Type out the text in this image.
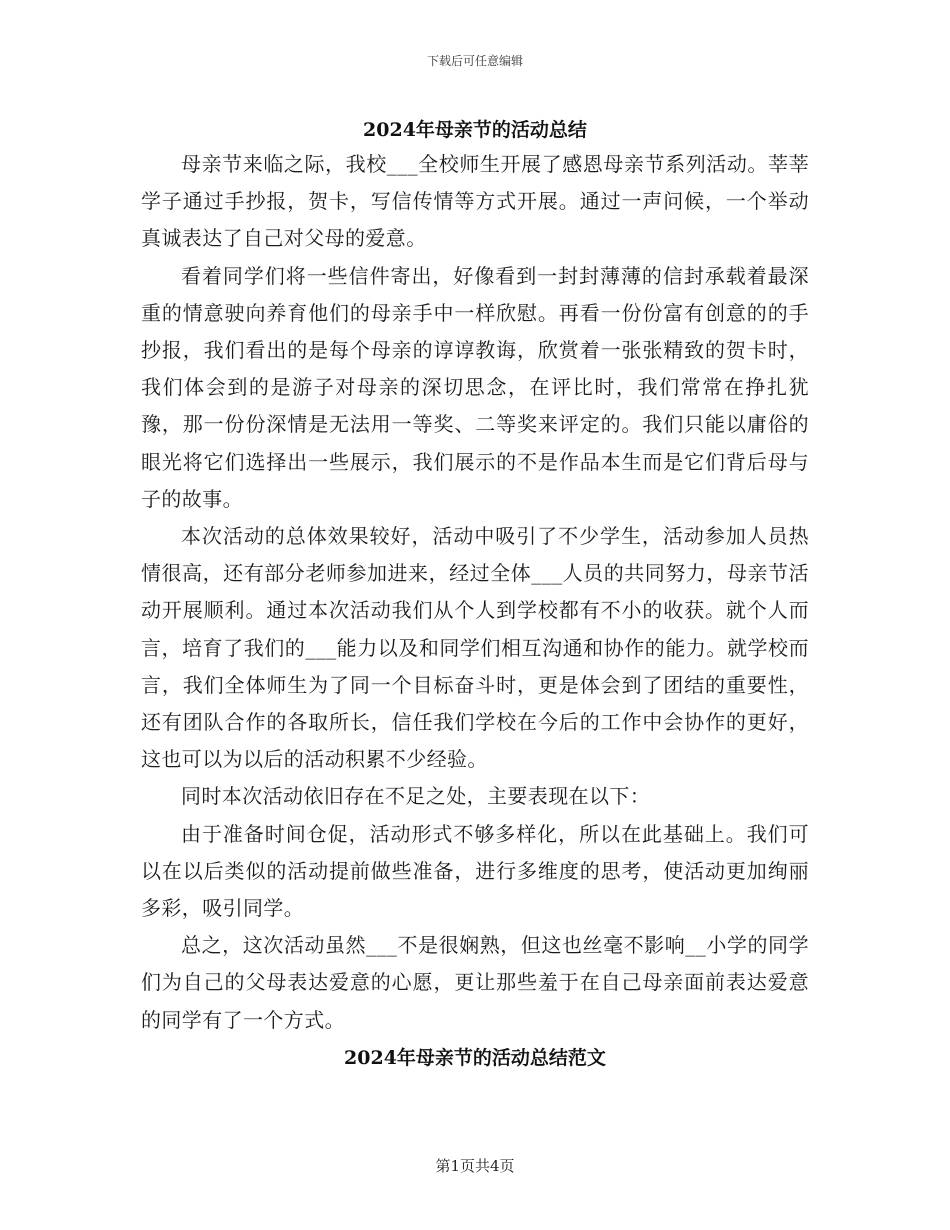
下载后可任意编辑
2024年母亲节的活动总结

母亲节来临之际，我校___全校师生开展了感恩母亲节系列活动。莘莘学子通过手抄报，贺卡，写信传情等方式开展。通过一声问候，一个举动真诚表达了自己对父母的爱意。

看着同学们将一些信件寄出，好像看到一封封薄薄的信封承载着最深重的情意驶向养育他们的母亲手中一样欣慰。再看一份份富有创意的的手抄报，我们看出的是每个母亲的谆谆教诲，欣赏着一张张精致的贺卡时，我们体会到的是游子对母亲的深切思念，在评比时，我们常常在挣扎犹豫，那一份份深情是无法用一等奖、二等奖来评定的。我们只能以庸俗的眼光将它们选择出一些展示，我们展示的不是作品本生而是它们背后母与子的故事。

本次活动的总体效果较好，活动中吸引了不少学生，活动参加人员热情很高，还有部分老师参加进来，经过全体___人员的共同努力，母亲节活动开展顺利。通过本次活动我们从个人到学校都有不小的收获。就个人而言，培育了我们的___能力以及和同学们相互沟通和协作的能力。就学校而言，我们全体师生为了同一个目标奋斗时，更是体会到了团结的重要性，还有团队合作的各取所长，信任我们学校在今后的工作中会协作的更好，这也可以为以后的活动积累不少经验。

同时本次活动依旧存在不足之处，主要表现在以下：

由于准备时间仓促，活动形式不够多样化，所以在此基础上。我们可以在以后类似的活动提前做些准备，进行多维度的思考，使活动更加绚丽多彩，吸引同学。

总之，这次活动虽然___不是很娴熟，但这也丝毫不影响__小学的同学们为自己的父母表达爱意的心愿，更让那些羞于在自己母亲面前表达爱意的同学有了一个方式。

2024年母亲节的活动总结范文
第1页共4页
